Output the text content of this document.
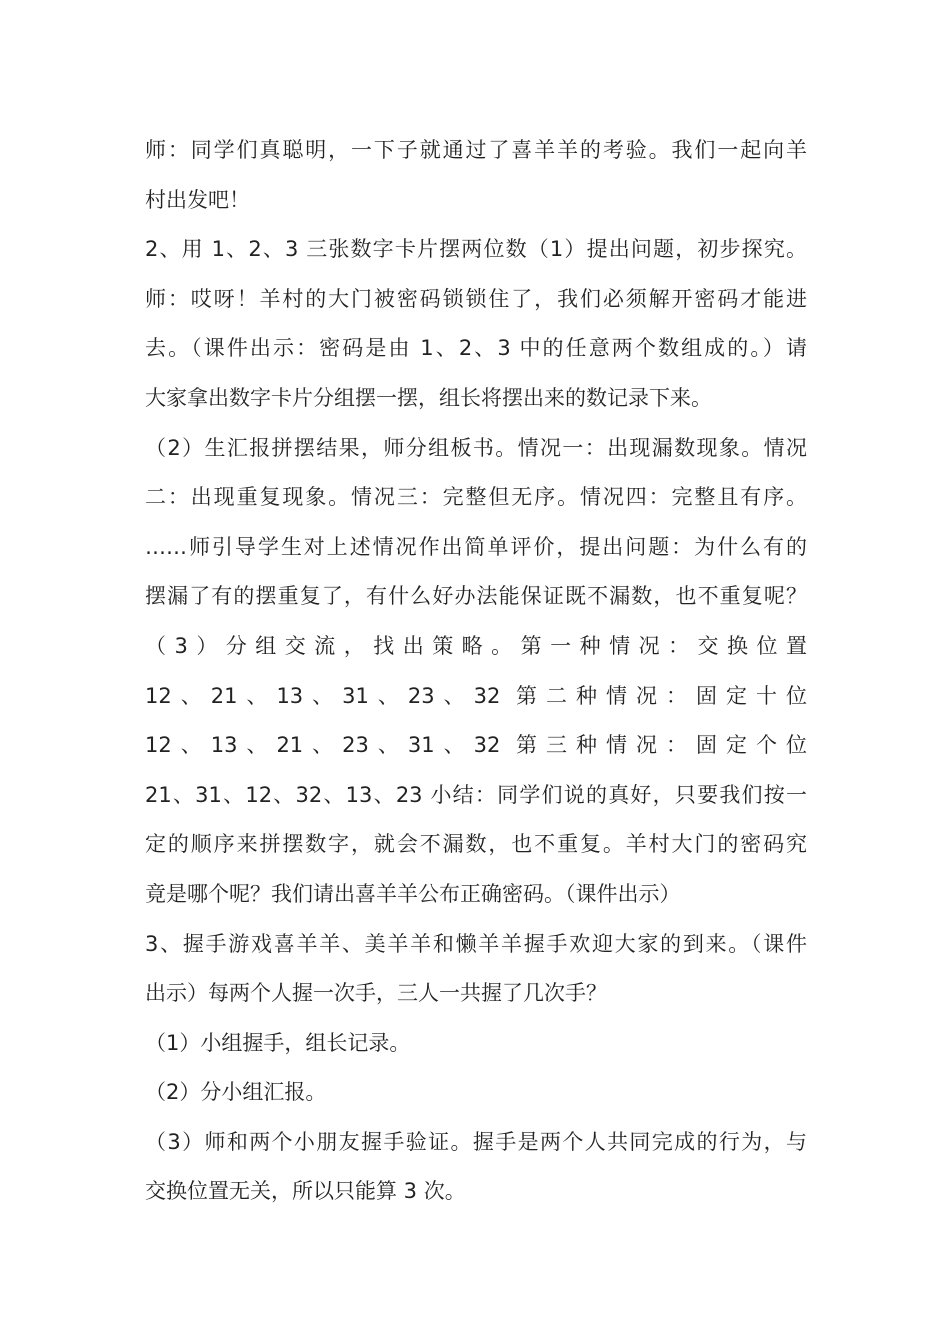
师：同学们真聪明，一下子就通过了喜羊羊的考验。我们一起向羊

村出发吧！

2、用 1、2、3 三张数字卡片摆两位数（1）提出问题，初步探究。

师：哎呀！羊村的大门被密码锁锁住了，我们必须解开密码才能进

去。（课件出示：密码是由 1、2、3 中的任意两个数组成的。）请

大家拿出数字卡片分组摆一摆，组长将摆出来的数记录下来。

（2）生汇报拼摆结果，师分组板书。情况一：出现漏数现象。情况

二：出现重复现象。情况三：完整但无序。情况四：完整且有序。

……师引导学生对上述情况作出简单评价，提出问题：为什么有的

摆漏了有的摆重复了，有什么好办法能保证既不漏数，也不重复呢？

（3）分组交流，找出策略。第一种情况：交换位置

12、21、13、31、23、32 第二种情况：固定十位

12、13、21、23、31、32 第三种情况：固定个位

21、31、12、32、13、23 小结：同学们说的真好，只要我们按一

定的顺序来拼摆数字，就会不漏数，也不重复。羊村大门的密码究

竟是哪个呢？我们请出喜羊羊公布正确密码。（课件出示）

3、握手游戏喜羊羊、美羊羊和懒羊羊握手欢迎大家的到来。（课件

出示）每两个人握一次手，三人一共握了几次手？

（1）小组握手，组长记录。

（2）分小组汇报。

（3）师和两个小朋友握手验证。握手是两个人共同完成的行为，与

交换位置无关，所以只能算 3 次。
